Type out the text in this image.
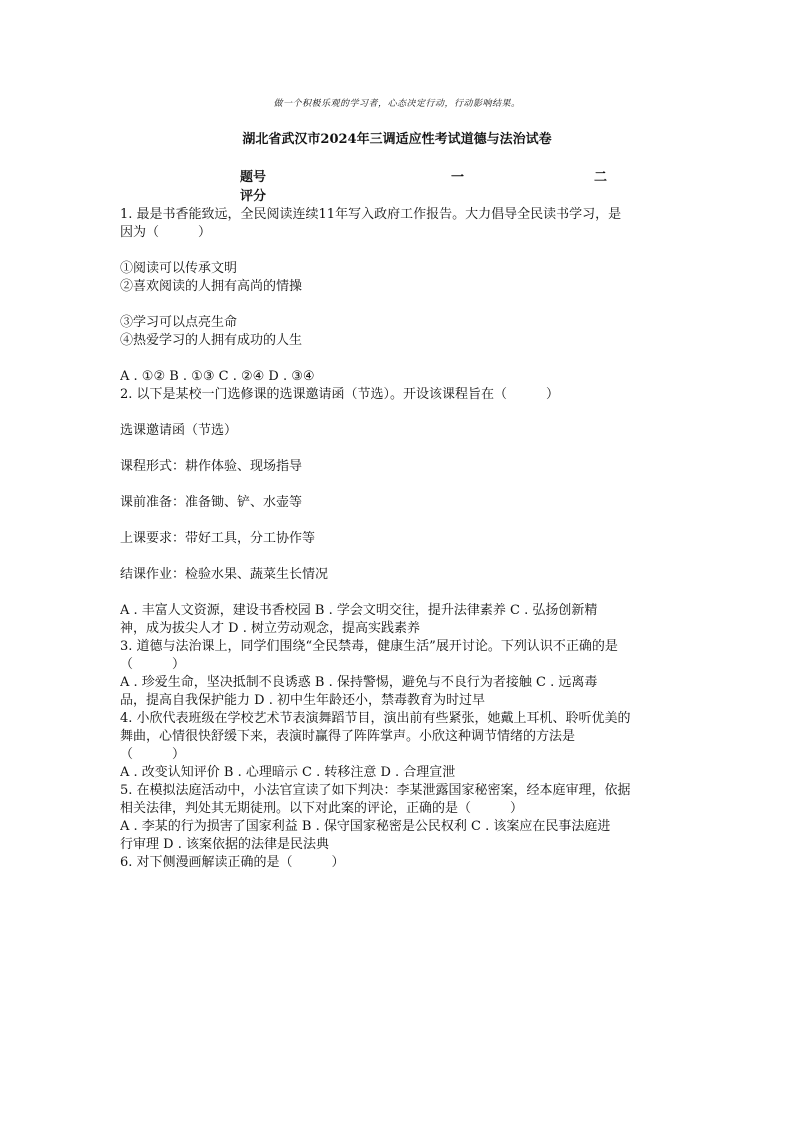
做一个积极乐观的学习者，心态决定行动，行动影响结果。
湖北省武汉市2024年三调适应性考试道德与法治试卷
题号	一	二
评分
1. 最是书香能致远，全民阅读连续11年写入政府工作报告。大力倡导全民读书学习，是
因为（　　　）
①阅读可以传承文明
②喜欢阅读的人拥有高尚的情操
③学习可以点亮生命
④热爱学习的人拥有成功的人生
A . ①② B . ①③ C . ②④ D . ③④
2. 以下是某校一门选修课的选课邀请函（节选）。开设该课程旨在（　　　）
选课邀请函（节选）
课程形式：耕作体验、现场指导
课前准备：准备锄、铲、水壶等
上课要求：带好工具，分工协作等
结课作业：检验水果、蔬菜生长情况
A . 丰富人文资源，建设书香校园 B . 学会文明交往，提升法律素养 C . 弘扬创新精
神，成为拔尖人才 D . 树立劳动观念，提高实践素养
3. 道德与法治课上，同学们围绕“全民禁毒，健康生活”展开讨论。下列认识不正确的是
（　　　）
A . 珍爱生命，坚决抵制不良诱惑 B . 保持警惕，避免与不良行为者接触 C . 远离毒
品，提高自我保护能力 D . 初中生年龄还小，禁毒教育为时过早
4. 小欣代表班级在学校艺术节表演舞蹈节目，演出前有些紧张，她戴上耳机、聆听优美的
舞曲，心情很快舒缓下来，表演时赢得了阵阵掌声。小欣这种调节情绪的方法是
（　　　）
A . 改变认知评价 B . 心理暗示 C . 转移注意 D . 合理宣泄
5. 在模拟法庭活动中，小法官宣读了如下判决：李某泄露国家秘密案，经本庭审理，依据
相关法律，判处其无期徒刑。以下对此案的评论，正确的是（　　　）
A . 李某的行为损害了国家利益 B . 保守国家秘密是公民权利 C . 该案应在民事法庭进
行审理 D . 该案依据的法律是民法典
6. 对下侧漫画解读正确的是（　　　）
